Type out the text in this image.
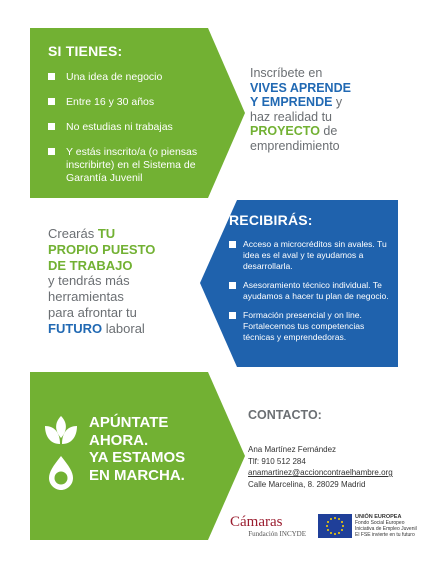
SI TIENES:
Una idea de negocio
Entre 16 y 30 años
No estudias ni trabajas
Y estás inscrito/a (o piensas inscribirte) en el Sistema de Garantía Juvenil
Inscríbete en
VIVES APRENDE
Y EMPRENDE y
haz realidad tu
PROYECTO de
emprendimiento
Crearás TU
PROPIO PUESTO
DE TRABAJO
y tendrás más
herramientas
para afrontar tu
FUTURO laboral
RECIBIRÁS:
Acceso a microcréditos sin avales. Tu idea es el aval y te ayudamos a desarrollarla.
Asesoramiento técnico individual. Te ayudamos a hacer tu plan de negocio.
Formación presencial y on line. Fortalecemos tus competencias técnicas y emprendedoras.
APÚNTATE
AHORA.
YA ESTAMOS
EN MARCHA.
CONTACTO:
Ana Martínez Fernández
Tlf: 910 512 284
anamartinez@accioncontraelhambre.org
Calle Marcelina, 8. 28029 Madrid
Cámaras
Fundación INCYDE
UNIÓN EUROPEA
Fondo Social Europeo
Iniciativa de Empleo Juvenil
El FSE invierte en tu futuro
